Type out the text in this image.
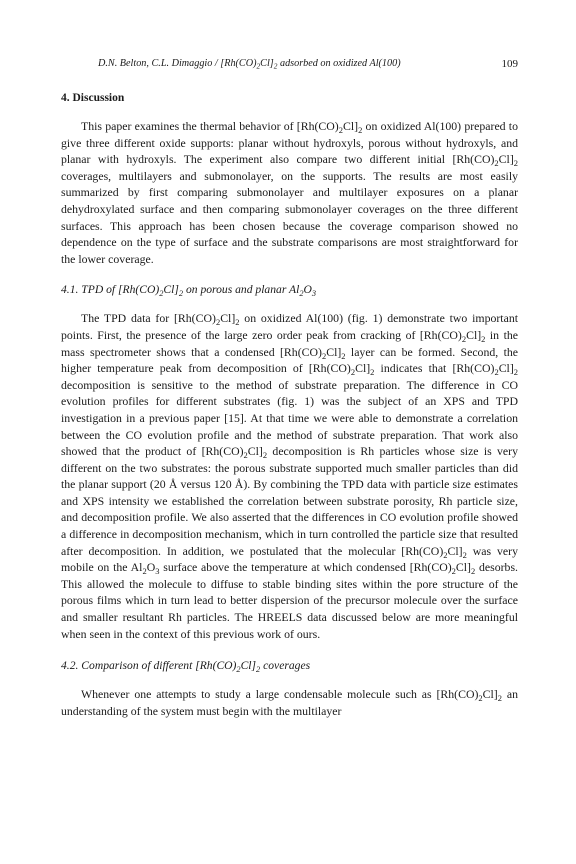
D.N. Belton, C.L. Dimaggio / $[Rh(CO)_2Cl]_2$ adsorbed on oxidized Al(100)	109
4. Discussion

This paper examines the thermal behavior of $[Rh(CO)_2Cl]_2$ on oxidized Al(100) prepared to give three different oxide supports: planar without hydroxyls, porous without hydroxyls, and planar with hydroxyls. The experiment also compare two different initial $[Rh(CO)_2Cl]_2$ coverages, multilayers and submonolayer, on the supports. The results are most easily summarized by first comparing submonolayer and multilayer exposures on a planar dehydroxylated surface and then comparing submonolayer coverages on the three different surfaces. This approach has been chosen because the coverage comparison showed no dependence on the type of surface and the substrate comparisons are most straightforward for the lower coverage.

4.1. TPD of $[Rh(CO)_2Cl]_2$ on porous and planar $Al_2O_3$

The TPD data for $[Rh(CO)_2Cl]_2$ on oxidized Al(100) (fig. 1) demonstrate two important points. First, the presence of the large zero order peak from cracking of $[Rh(CO)_2Cl]_2$ in the mass spectrometer shows that a condensed $[Rh(CO)_2Cl]_2$ layer can be formed. Second, the higher temperature peak from decomposition of $[Rh(CO)_2Cl]_2$ indicates that $[Rh(CO)_2Cl]_2$ decomposition is sensitive to the method of substrate preparation. The difference in CO evolution profiles for different substrates (fig. 1) was the subject of an XPS and TPD investigation in a previous paper [15]. At that time we were able to demonstrate a correlation between the CO evolution profile and the method of substrate preparation. That work also showed that the product of $[Rh(CO)_2Cl]_2$ decomposition is Rh particles whose size is very different on the two substrates: the porous substrate supported much smaller particles than did the planar support (20 Å versus 120 Å). By combining the TPD data with particle size estimates and XPS intensity we established the correlation between substrate porosity, Rh particle size, and decomposition profile. We also asserted that the differences in CO evolution profile showed a difference in decomposition mechanism, which in turn controlled the particle size that resulted after decomposition. In addition, we postulated that the molecular $[Rh(CO)_2Cl]_2$ was very mobile on the $Al_2O_3$ surface above the temperature at which condensed $[Rh(CO)_2Cl]_2$ desorbs. This allowed the molecule to diffuse to stable binding sites within the pore structure of the porous films which in turn lead to better dispersion of the precursor molecule over the surface and smaller resultant Rh particles. The HREELS data discussed below are more meaningful when seen in the context of this previous work of ours.

4.2. Comparison of different $[Rh(CO)_2Cl]_2$ coverages

Whenever one attempts to study a large condensable molecule such as $[Rh(CO)_2Cl]_2$ an understanding of the system must begin with the multilayer
